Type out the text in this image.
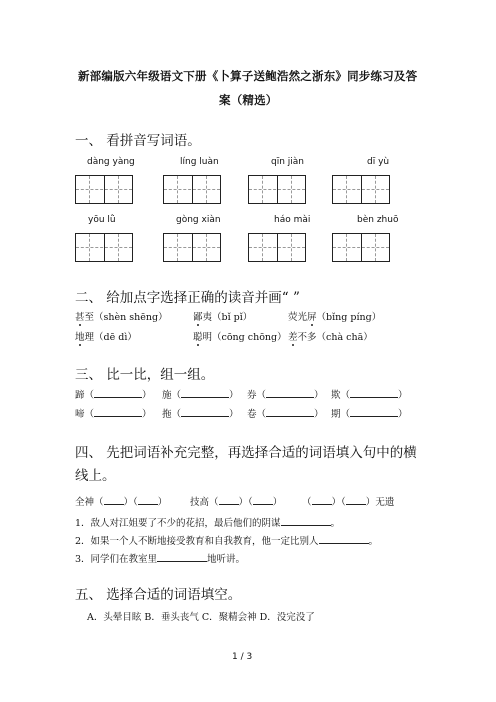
新部编版六年级语文下册《卜算子送鲍浩然之浙东》同步练习及答
案（精选）
一、 看拼音写词语。
dàng yàng	líng luàn	qīn jiàn	dī yù
yōu lǜ	gòng xiàn	háo mài	bèn zhuō
二、 给加点字选择正确的读音并画“ ”
甚至（shèn shēng）	鄙夷（bǐ pǐ）	荧光屏（bǐng píng）
地理（dē dì）	聪明（cōng chōng） 差不多（chà chā）
三、 比一比，组一组。
蹄（	） 施（	） 券（	） 欺（	）
啼（	） 拖（	） 卷（	） 期（	）
四、 先把词语补充完整，再选择合适的词语填入句中的横
线上。
全神（ ）（ ） 技高（ ）（ ） （ ）（ ）无遗
1．敌人对江姐要了不少的花招，最后他们的阴谋	。
2．如果一个人不断地接受教育和自我教育，他一定比别人	。
3．同学们在教室里	地听讲。
五、 选择合适的词语填空。
A．头晕目眩 B．垂头丧气 C．聚精会神 D．没完没了
1 / 3
